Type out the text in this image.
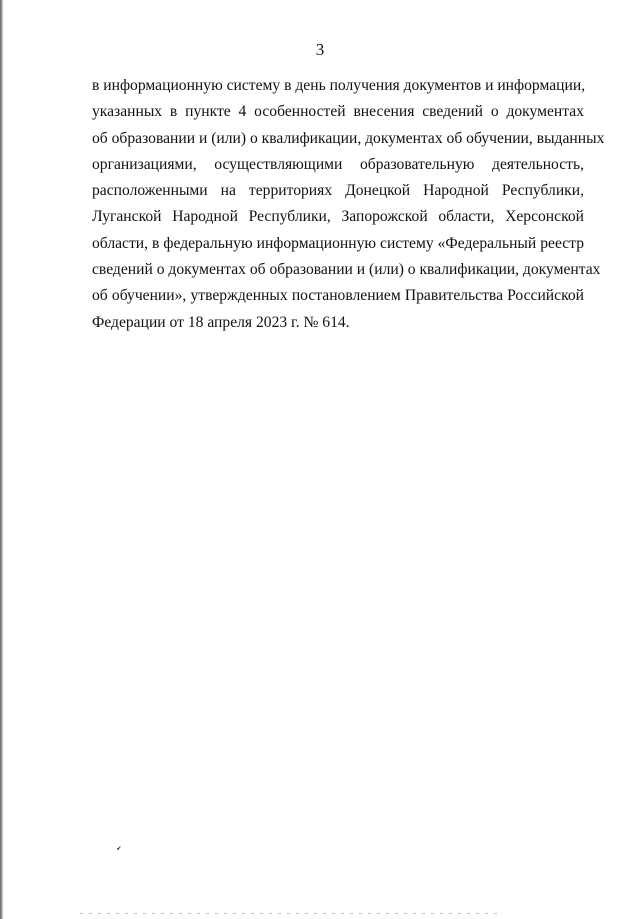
3
в информационную систему в день получения документов и информации,
указанных в пункте 4 особенностей внесения сведений о документах
об образовании и (или) о квалификации, документах об обучении, выданных
организациями, осуществляющими образовательную деятельность,
расположенными на территориях Донецкой Народной Республики,
Луганской Народной Республики, Запорожской области, Херсонской
области, в федеральную информационную систему «Федеральный реестр
сведений о документах об образовании и (или) о квалификации, документах
об обучении», утвержденных постановлением Правительства Российской
Федерации от 18 апреля 2023 г. № 614.
